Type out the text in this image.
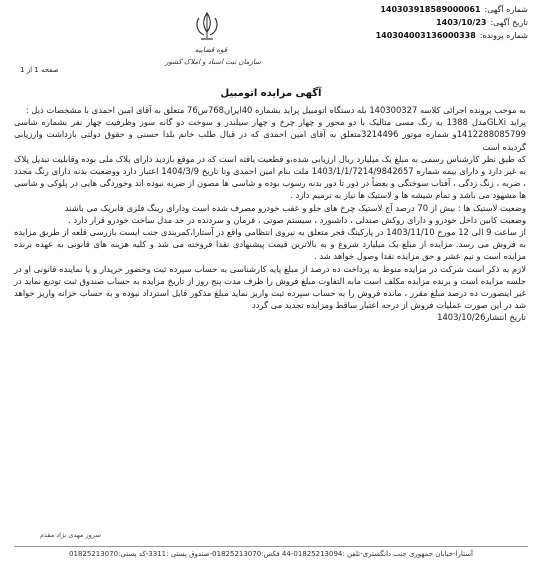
شماره آگهی:
140303918589000061
تاریخ آگهی:
1403/10/23
شماره پرونده:
140304003136000338
قوه قضاییه
سازمان ثبت اسناد و املاک کشور
صفحه 1 از 1
آگهی مزایده اتومبیل

به موجب پرونده اجرائی کلاسه 140300327 بله دستگاه اتومبیل پراید بشماره 40ایران768س76 متعلق به آقای امین احمدی با مشخصات ذیل :

پراید GLXiمدل 1388 به رنگ مسی متالیک با دو محور و چهار چرخ و چهار سیلندر و سوخت دو گانه سوز وظرفیت چهار نفر بشماره شاسی 1412288085799و شماره موتور 3214496متعلق به آقای امین احمدی که در قبال طلب خانم بلدا حسنی و حقوق دولتی بازداشت وارزیابی گردیده است

که طبق نظر کارشناس رسمی به مبلغ یک میلیارد ریال ارزیابی شده،و قطعیت یافته است که در موقع بازدید دارای پلاک ملی بوده وقابلیت تبدیل پلاک به غیر دارد و دارای بیمه شماره 1403/1/1/7214/9842657 ملت بنام امین احمدی وتا تاریخ 1404/3/9 اعتبار دارد ووضعیت بدنه دارای رنگ مجدد ، ضربه ، زنگ زدگی ، آفتاب سوختگی و بعضاً در دور تا دور بدنه رسوب بوده و شاسی ها مصون از ضربه نبوده اند وخوردگی هایی در پلوکی و شاسی ها مشهود می باشد و تمام شیشه ها و لاستیک ها نیاز به ترمیم دارد .

وضعیت لاستیک ها : بیش از 70 درصد آج لاستیک چرخ های جلو و عقب خودرو مصرف شده است ودارای رینگ فلزی فابریک می باشند

وضعیت کابین داخل خودرو و دارای روکش صندلی ، داشبورد ، سیستم صوتی ، فرمان و سردنده در حد مدل ساخت خودرو قرار دارد .

از ساعت 9 الی 12 مورخ 1403/11/10 در پارکینگ فجر متعلق به نیروی انتظامی واقع در آستارا،کمربندی جنب ایست بازرسی قلعه از طریق مزایده به فروش می رسد. مزایده از مبلغ یک میلیارد شروع و به بالاترین قیمت پیشنهادی نقدا فروخته می شد و کلیه هزینه های قانونی به عهده برنده مزایده است و نیم عشر و حق مزایده نقدا وصول خواهد شد .

لازم به ذکر است شرکت در مزایده منوط به پرداخت ده درصد از مبلغ پایه کارشناسی به حساب سپرده ثبت وحضور خریدار و یا نماینده قانونی او در جلسه مزایده است و برنده مزایده مکلف است مابه التفاوت مبلغ فروش را ظرف مدت پنج روز از تاریخ مزایده به حساب صندوق ثبت تودیع نماید در غیر اینصورت ده درصد مبلغ مقرر ، مانده فروش را به حساب سپرده ثبت واریز نماید مبلغ مذکور قابل استرداد نبوده و به حساب خزانه واریز خواهد شد در این صورت عملیات فروش از درجه اعتبار ساقط ومزایده تجدید می گردد

تاریخ انتشار1403/10/26

سرور مهدی نژاد مقدم
آستارا-خیابان جمهوری جنب دانگستری-تلفن :01825213094-44 فکس:01825213070-صندوق پستی :3311-کد پستی:01825213070
